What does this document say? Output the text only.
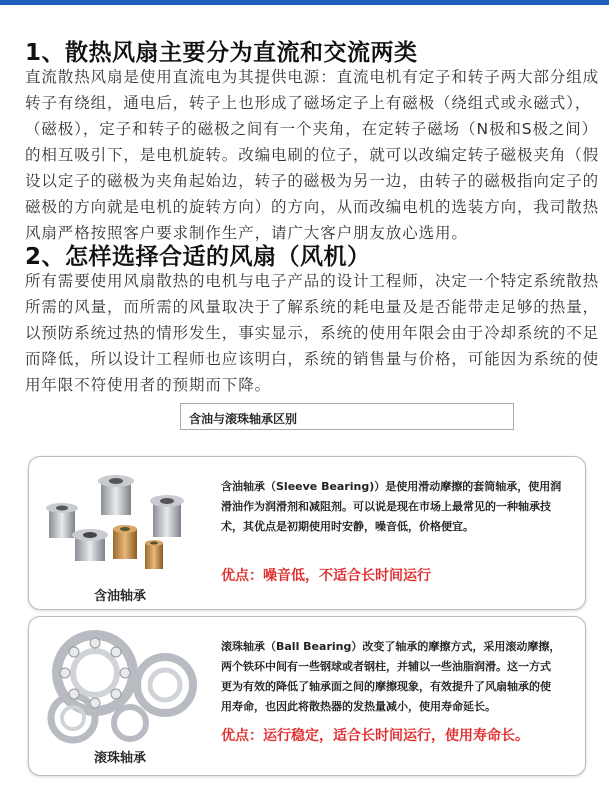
1、散热风扇主要分为直流和交流两类
直流散热风扇是使用直流电为其提供电源：直流电机有定子和转子两大部分组成
转子有绕组，通电后，转子上也形成了磁场定子上有磁极（绕组式或永磁式），
（磁极），定子和转子的磁极之间有一个夹角，在定转子磁场（N极和S极之间）
的相互吸引下，是电机旋转。改编电刷的位子，就可以改编定转子磁极夹角（假
设以定子的磁极为夹角起始边，转子的磁极为另一边，由转子的磁极指向定子的
磁极的方向就是电机的旋转方向）的方向，从而改编电机的选装方向，我司散热
风扇严格按照客户要求制作生产，请广大客户朋友放心选用。
2、怎样选择合适的风扇（风机）
所有需要使用风扇散热的电机与电子产品的设计工程师，决定一个特定系统散热
所需的风量，而所需的风量取决于了解系统的耗电量及是否能带走足够的热量，
以预防系统过热的情形发生，事实显示，系统的使用年限会由于冷却系统的不足
而降低，所以设计工程师也应该明白，系统的销售量与价格，可能因为系统的使
用年限不符使用者的预期而下降。
含油与滚珠轴承区别
含油轴承
含油轴承（Sleeve Bearing)）是使用滑动摩擦的套筒轴承，使用润
滑油作为润滑剂和减阻剂。可以说是现在市场上最常见的一种轴承技
术，其优点是初期使用时安静，噪音低，价格便宜。
优点：噪音低，不适合长时间运行
滚珠轴承
滚珠轴承（Ball Bearing）改变了轴承的摩擦方式，采用滚动摩擦，
两个铁环中间有一些钢球或者钢柱，并辅以一些油脂润滑。这一方式
更为有效的降低了轴承面之间的摩擦现象，有效提升了风扇轴承的使
用寿命，也因此将散热器的发热量减小，使用寿命延长。
优点：运行稳定，适合长时间运行，使用寿命长。
